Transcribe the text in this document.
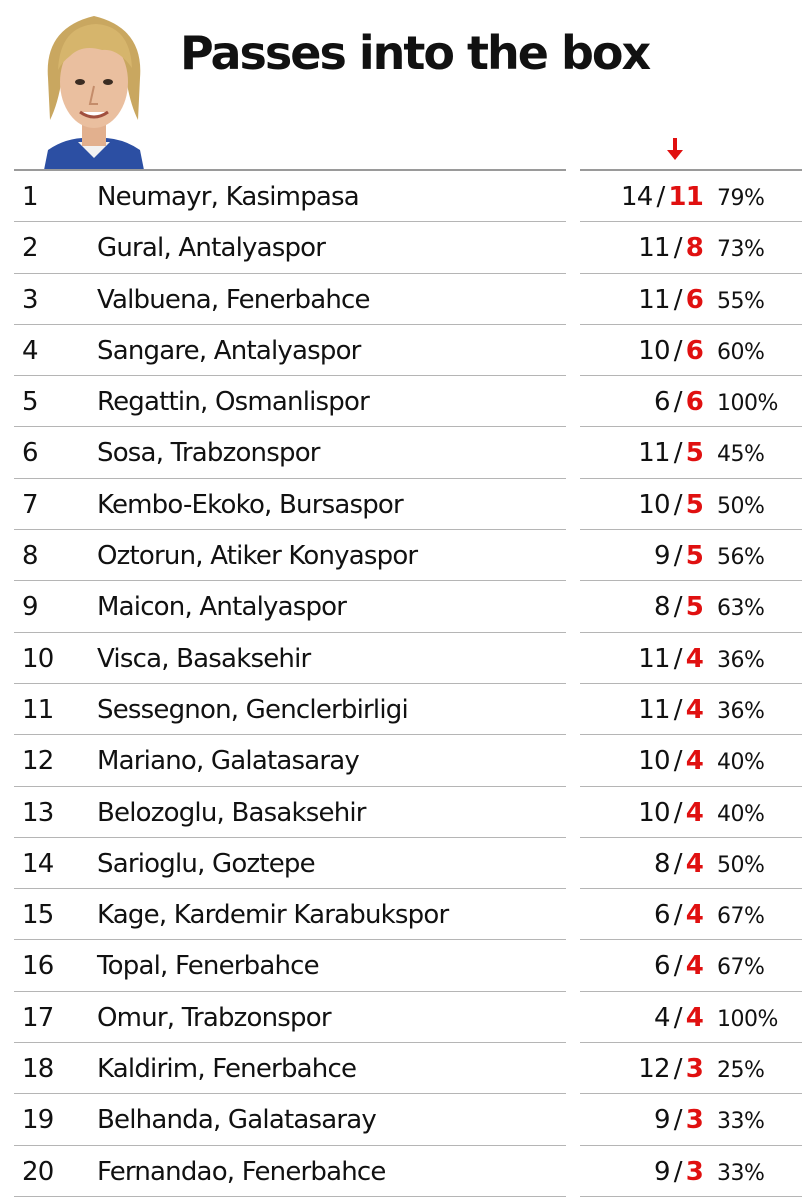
Passes into the box
1	Neumayr, Kasimpasa	14 / 11 79%
2	Gural, Antalyaspor	11 / 8 73%
3	Valbuena, Fenerbahce	11 / 6 55%
4	Sangare, Antalyaspor	10 / 6 60%
5	Regattin, Osmanlispor	6 / 6 100%
6	Sosa, Trabzonspor	11 / 5 45%
7	Kembo-Ekoko, Bursaspor	10 / 5 50%
8	Oztorun, Atiker Konyaspor	9 / 5 56%
9	Maicon, Antalyaspor	8 / 5 63%
10	Visca, Basaksehir	11 / 4 36%
11	Sessegnon, Genclerbirligi	11 / 4 36%
12	Mariano, Galatasaray	10 / 4 40%
13	Belozoglu, Basaksehir	10 / 4 40%
14	Sarioglu, Goztepe	8 / 4 50%
15	Kage, Kardemir Karabukspor	6 / 4 67%
16	Topal, Fenerbahce	6 / 4 67%
17	Omur, Trabzonspor	4 / 4 100%
18	Kaldirim, Fenerbahce	12 / 3 25%
19	Belhanda, Galatasaray	9 / 3 33%
20	Fernandao, Fenerbahce	9 / 3 33%
